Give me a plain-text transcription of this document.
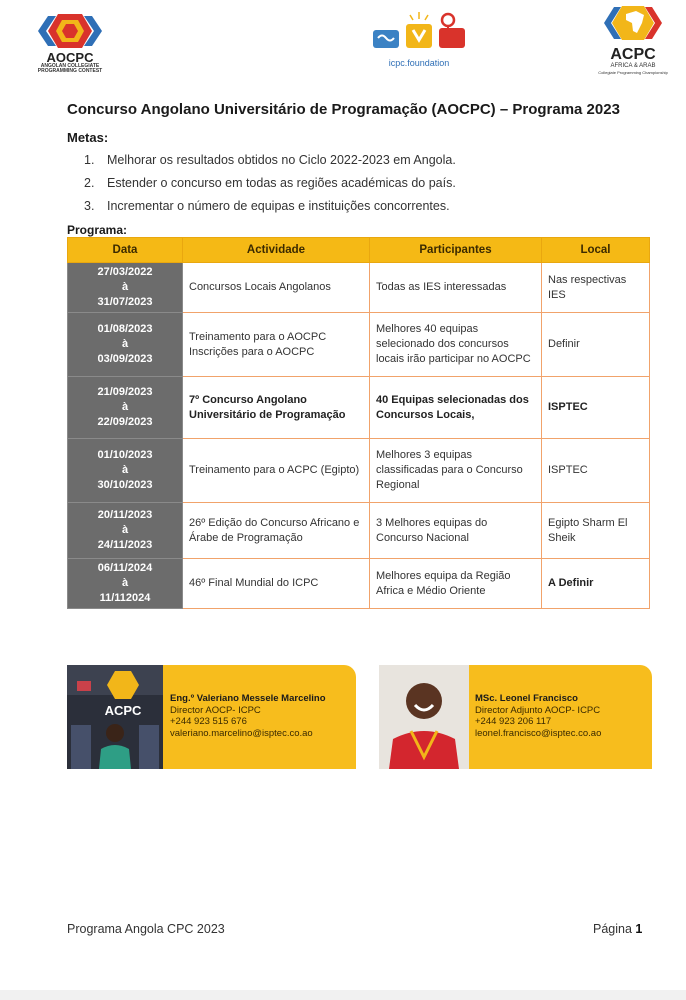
AOCPC
ANGOLAN COLLEGIATE
PROGRAMMING CONTEST
icpc.foundation	ACPC
AFRICA & ARAB
Collegiate Programming Championship
Concurso Angolano Universitário de Programação (AOCPC) – Programa 2023
Metas:
1. Melhorar os resultados obtidos no Ciclo 2022-2023 em Angola.
2. Estender o concurso em todas as regiões académicas do país.
3. Incrementar o número de equipas e instituições concorrentes.
Programa:
Data	Actividade	Participantes	Local

27/03/2022
à
31/07/2023	Concursos Locais Angolanos	Todas as IES interessadas	Nas respectivas IES

01/08/2023
à
03/09/2023	Treinamento para o AOCPC Inscrições para o AOCPC	Melhores 40 equipas selecionado dos concursos locais irão participar no AOCPC	Definir

21/09/2023
à
22/09/2023	7º Concurso Angolano Universitário de Programação	40 Equipas selecionadas dos Concursos Locais,	ISPTEC

01/10/2023
à
30/10/2023	Treinamento para o ACPC (Egipto)	Melhores 3 equipas classificadas para o Concurso Regional	ISPTEC

20/11/2023
à
24/11/2023	26º Edição do Concurso Africano e Árabe de Programação	3 Melhores equipas do Concurso Nacional	Egipto Sharm El Sheik

06/11/2024
à
11/112024	46º Final Mundial do ICPC	Melhores equipa da Região Africa e Médio Oriente	A Definir
ACPC
Eng.º Valeriano Messele Marcelino
Director AOCP- ICPC
+244 923 515 676
valeriano.marcelino@isptec.co.ao
MSc. Leonel Francisco
Director Adjunto AOCP- ICPC
+244 923 206 117
leonel.francisco@isptec.co.ao
Programa Angola CPC 2023	Página 1
